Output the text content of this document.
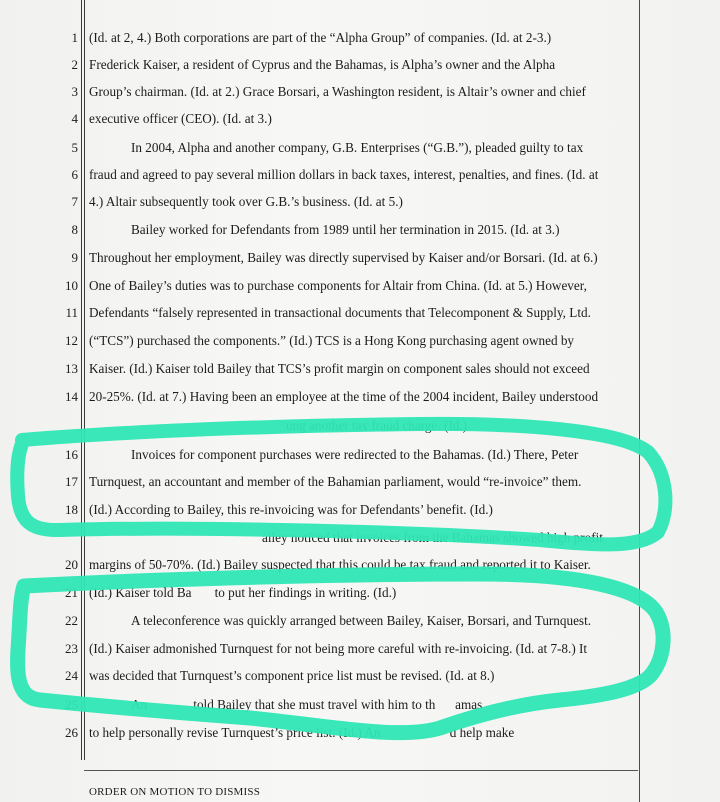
1 (Id. at 2, 4.) Both corporations are part of the “Alpha Group” of companies. (Id. at 2-3.)
2 Frederick Kaiser, a resident of Cyprus and the Bahamas, is Alpha’s owner and the Alpha
3 Group’s chairman. (Id. at 2.) Grace Borsari, a Washington resident, is Altair’s owner and chief
4 executive officer (CEO). (Id. at 3.)
5	In 2004, Alpha and another company, G.B. Enterprises (“G.B.”), pleaded guilty to tax
6 fraud and agreed to pay several million dollars in back taxes, interest, penalties, and fines. (Id. at
7 4.) Altair subsequently took over G.B.’s business. (Id. at 5.)
8	Bailey worked for Defendants from 1989 until her termination in 2015. (Id. at 3.)
9 Throughout her employment, Bailey was directly supervised by Kaiser and/or Borsari. (Id. at 6.)
10 One of Bailey’s duties was to purchase components for Altair from China. (Id. at 5.) However,
11 Defendants “falsely represented in transactional documents that Telecomponent & Supply, Ltd.
12 (“TCS”) purchased the components.” (Id.) TCS is a Hong Kong purchasing agent owned by
13 Kaiser. (Id.) Kaiser told Bailey that TCS’s profit margin on component sales should not exceed
14 20-25%. (Id. at 7.) Having been an employee at the time of the 2004 incident, Bailey understood
ung another tax fraud charge. (Id.)
16	Invoices for component purchases were redirected to the Bahamas. (Id.) There, Peter
17 Turnquest, an accountant and member of the Bahamian parliament, would “re-invoice” them.
18 (Id.) According to Bailey, this re-invoicing was for Defendants’ benefit. (Id.)
ailey noticed that invoices from the Bahamas showed high profit
20 margins of 50-70%. (Id.) Bailey suspected that this could be tax fraud and reported it to Kaiser.
21 (Id.) Kaiser told Ba       to put her findings in writing. (Id.)
22	A teleconference was quickly arranged between Bailey, Kaiser, Borsari, and Turnquest.
23 (Id.) Kaiser admonished Turnquest for not being more careful with re-invoicing. (Id. at 7-8.) It
24 was decided that Turnquest’s component price list must be revised. (Id. at 8.)
25	An              told Bailey that she must travel with him to th      amas
26 to help personally revise Turnquest’s price list. (Id.) An                     d help make
ORDER ON MOTION TO DISMISS
